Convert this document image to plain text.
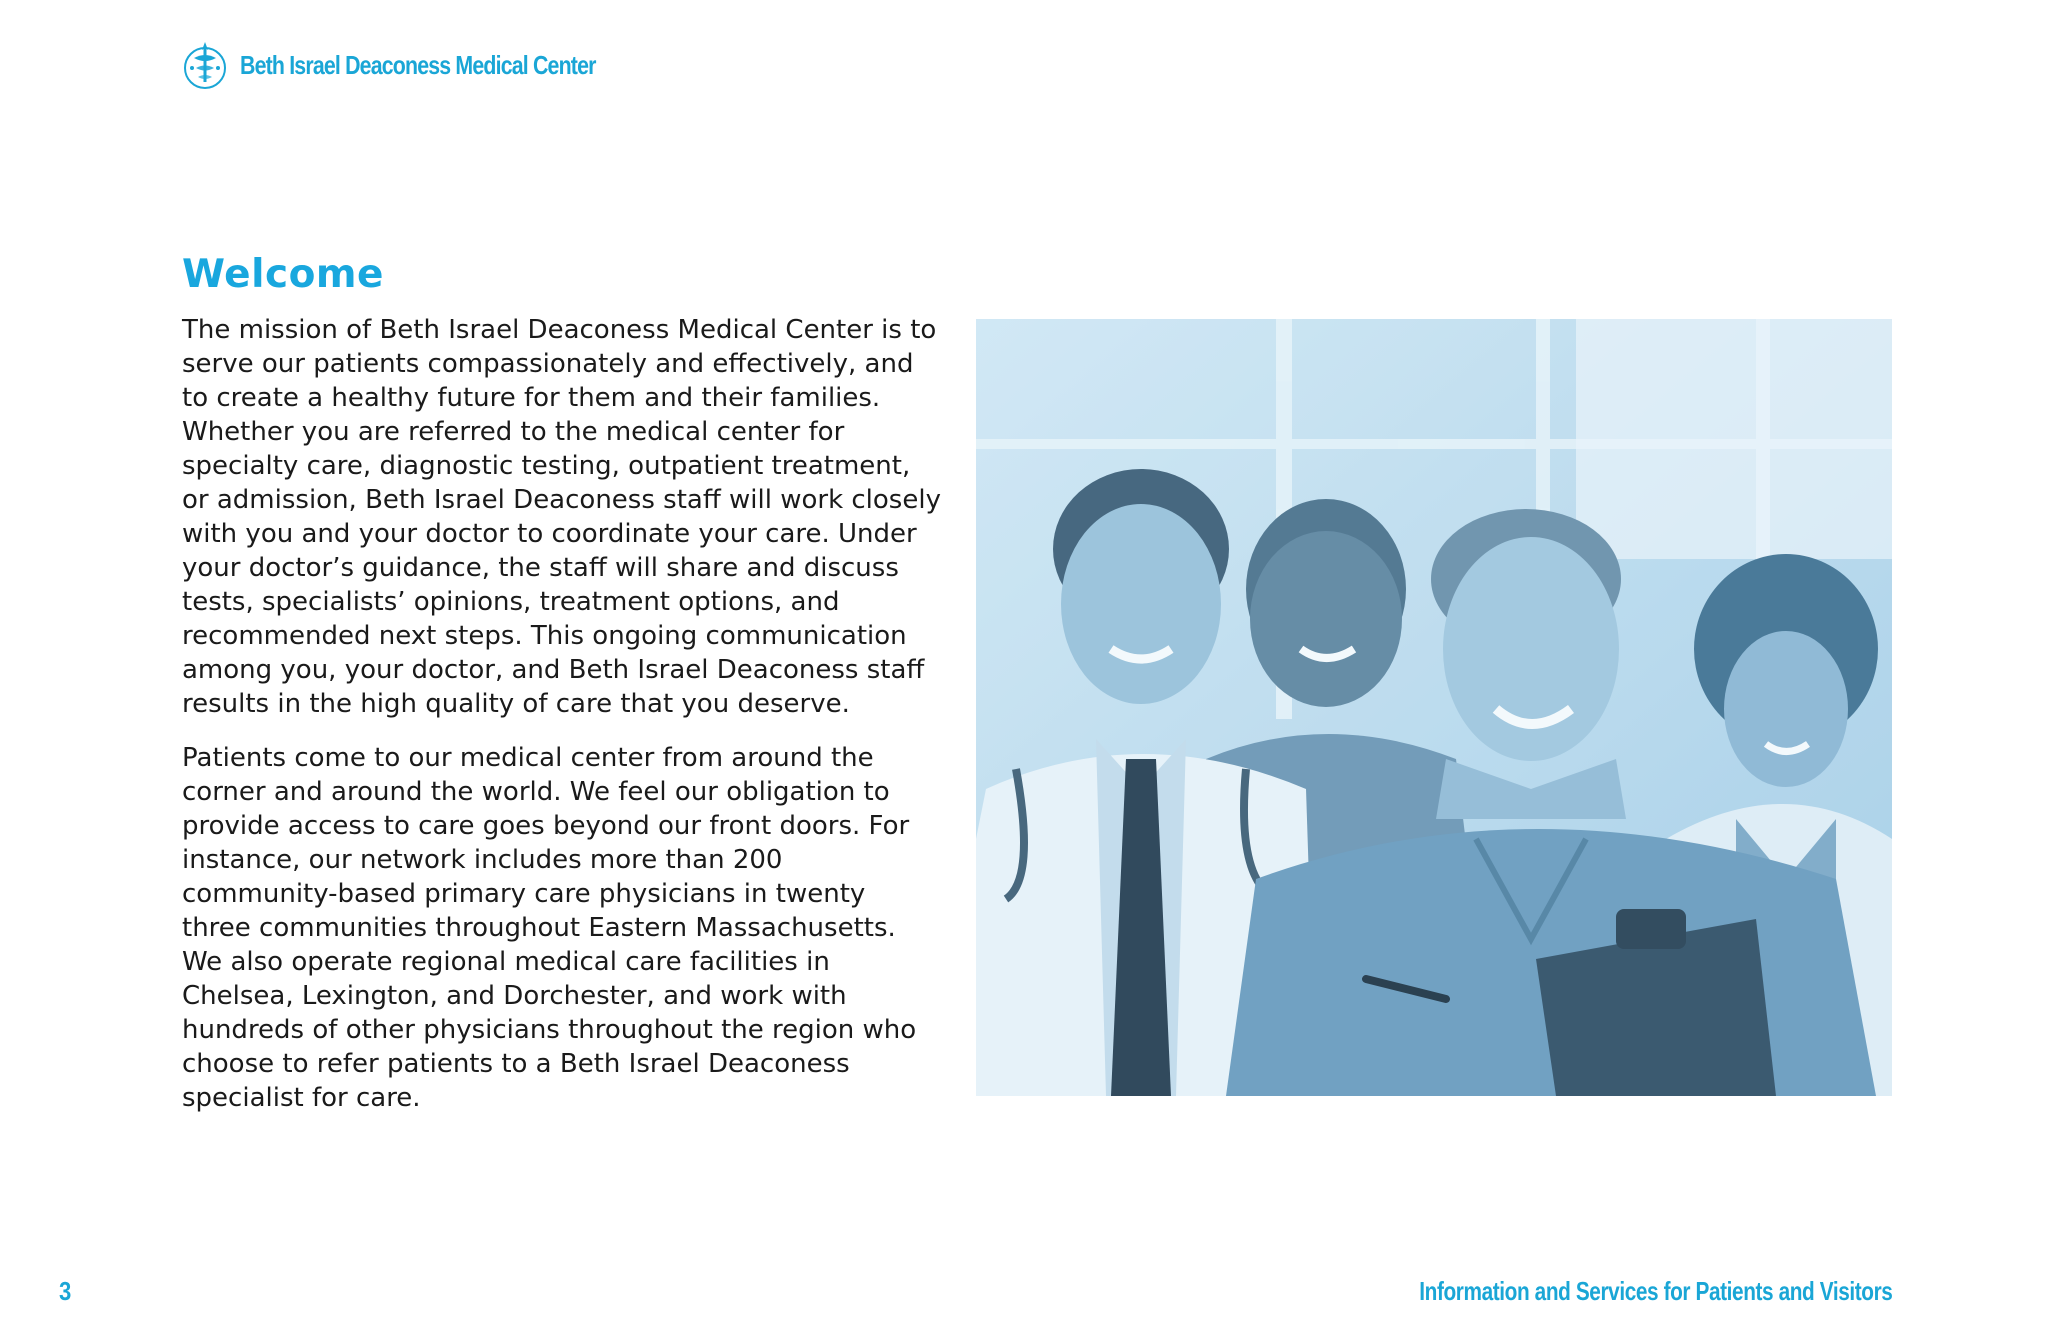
Beth Israel Deaconess Medical Center
Welcome

The mission of Beth Israel Deaconess Medical Center is to serve our patients compassionately and effectively, and to create a healthy future for them and their families. Whether you are referred to the medical center for specialty care, diagnostic testing, outpatient treatment, or admission, Beth Israel Deaconess staff will work closely with you and your doctor to coordinate your care. Under your doctor’s guidance, the staff will share and discuss tests, specialists’ opinions, treatment options, and recommended next steps. This ongoing communication among you, your doctor, and Beth Israel Deaconess staff results in the high quality of care that you deserve.

Patients come to our medical center from around the corner and around the world. We feel our obligation to provide access to care goes beyond our front doors. For instance, our network includes more than 200 community-based primary care physicians in twenty three communities throughout Eastern Massachusetts. We also operate regional medical care facilities in Chelsea, Lexington, and Dorchester, and work with hundreds of other physicians throughout the region who choose to refer patients to a Beth Israel Deaconess specialist for care.

3	Information and Services for Patients and Visitors
